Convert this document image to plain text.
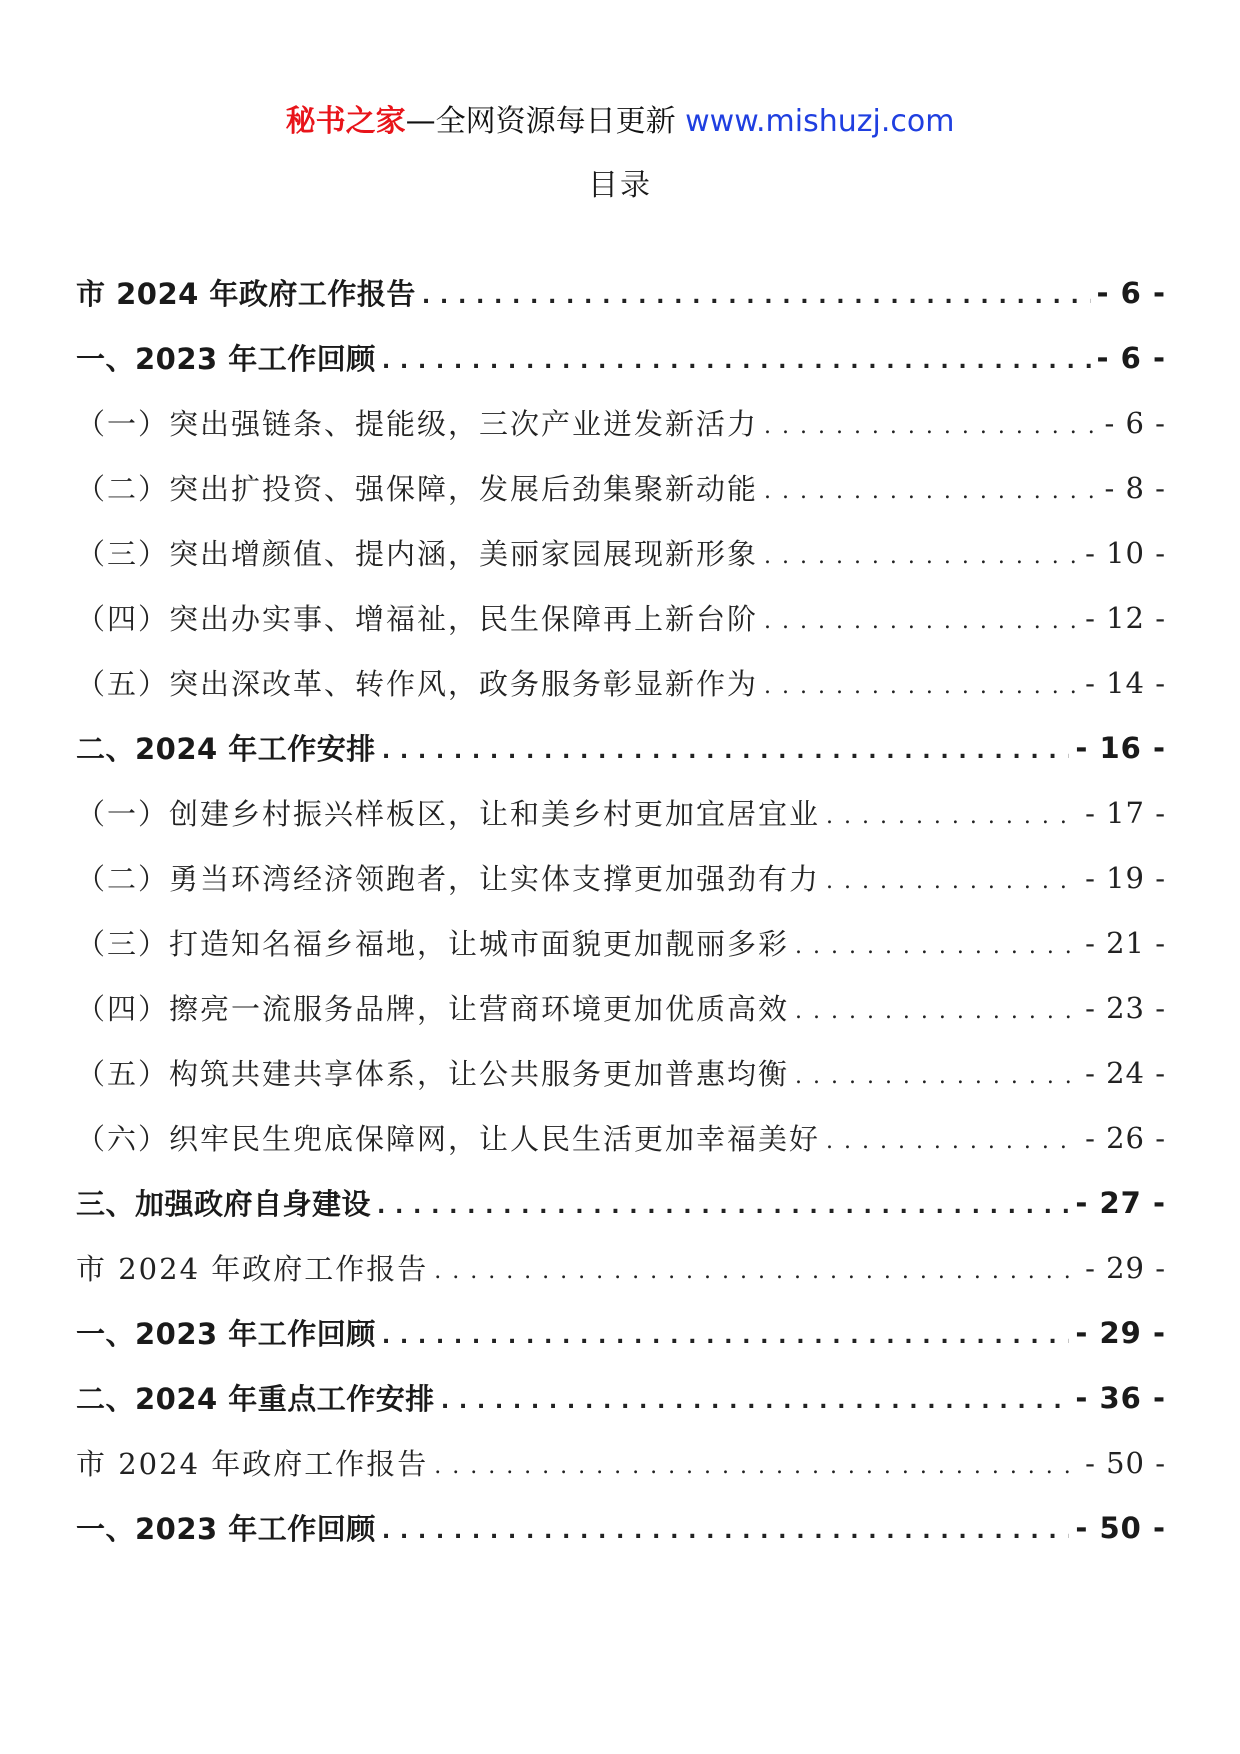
秘书之家—全网资源每日更新 www.mishuzj.com
目录
市 2024 年政府工作报告 . . .	- 6 -
一、2023 年工作回顾 . . .	- 6 -
（一）突出强链条、提能级，三次产业迸发新活力 . . .	- 6 -
（二）突出扩投资、强保障，发展后劲集聚新动能 . . .	- 8 -
（三）突出增颜值、提内涵，美丽家园展现新形象 . . .	- 10 -
（四）突出办实事、增福祉，民生保障再上新台阶 . . .	- 12 -
（五）突出深改革、转作风，政务服务彰显新作为 . . .	- 14 -
二、2024 年工作安排 . . .	- 16 -
（一）创建乡村振兴样板区，让和美乡村更加宜居宜业 . . .	- 17 -
（二）勇当环湾经济领跑者，让实体支撑更加强劲有力 . . .	- 19 -
（三）打造知名福乡福地，让城市面貌更加靓丽多彩 . . .	- 21 -
（四）擦亮一流服务品牌，让营商环境更加优质高效 . . .	- 23 -
（五）构筑共建共享体系，让公共服务更加普惠均衡 . . .	- 24 -
（六）织牢民生兜底保障网，让人民生活更加幸福美好 . . .	- 26 -
三、加强政府自身建设 . . .	- 27 -
市 2024 年政府工作报告 . . .	- 29 -
一、2023 年工作回顾 . . .	- 29 -
二、2024 年重点工作安排 . . .	- 36 -
市 2024 年政府工作报告 . . .	- 50 -
一、2023 年工作回顾 . . .	- 50 -
